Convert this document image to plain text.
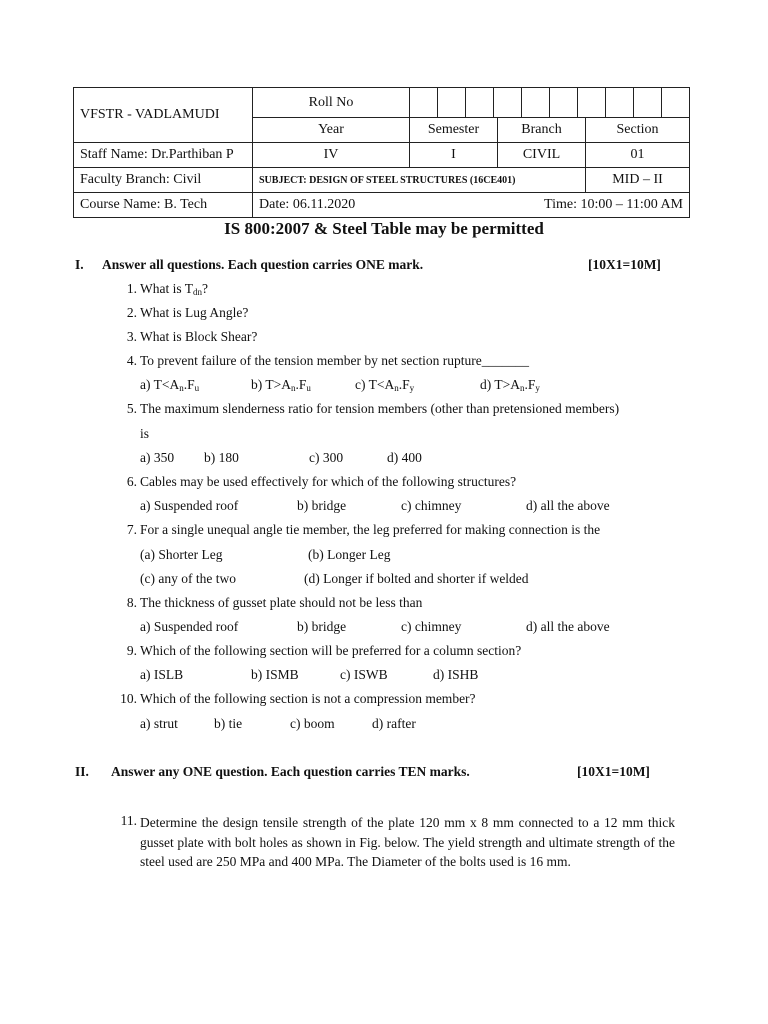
VFSTR - VADLAMUDI	Roll No			

	Year	Semester	Branch	Section
Staff Name: Dr.Parthiban P	IV	I	CIVIL	01
Faculty Branch: Civil	SUBJECT: DESIGN OF STEEL STRUCTURES (16CE401)			MID – II
Course Name: B. Tech	Date: 06.11.2020 Time: 10:00 – 11:00 AM			
IS 800:2007 & Steel Table may be permitted
I. Answer all questions. Each question carries ONE mark.	[10X1=10M]
1. What is $T_{dn}$?
2. What is Lug Angle?
3. What is Block Shear?
4. To prevent failure of the tension member by net section rupture_______
a) $T<A_n.F_u$	b) $T>A_n.F_u$	c) $T<A_n.F_y$	d) $T>A_n.F_y$
5. The maximum slenderness ratio for tension members (other than pretensioned members)
is
a) 350 b) 180	c) 300	d) 400
6. Cables may be used effectively for which of the following structures?
a) Suspended roof	b) bridge	c) chimney	d) all the above
7. For a single unequal angle tie member, the leg preferred for making connection is the
(a) Shorter Leg	(b) Longer Leg
(c) any of the two	(d) Longer if bolted and shorter if welded
8. The thickness of gusset plate should not be less than
a) Suspended roof	b) bridge	c) chimney	d) all the above
9. Which of the following section will be preferred for a column section?
a) ISLB	b) ISMB	c) ISWB	d) ISHB
10. Which of the following section is not a compression member?
a) strut	b) tie	c) boom	d) rafter
II. Answer any ONE question. Each question carries TEN marks.	[10X1=10M]
11. Determine the design tensile strength of the plate 120 mm x 8 mm connected to a 12 mm thick gusset plate with bolt holes as shown in Fig. below. The yield strength and ultimate strength of the steel used are 250 MPa and 400 MPa. The Diameter of the bolts used is 16 mm.
